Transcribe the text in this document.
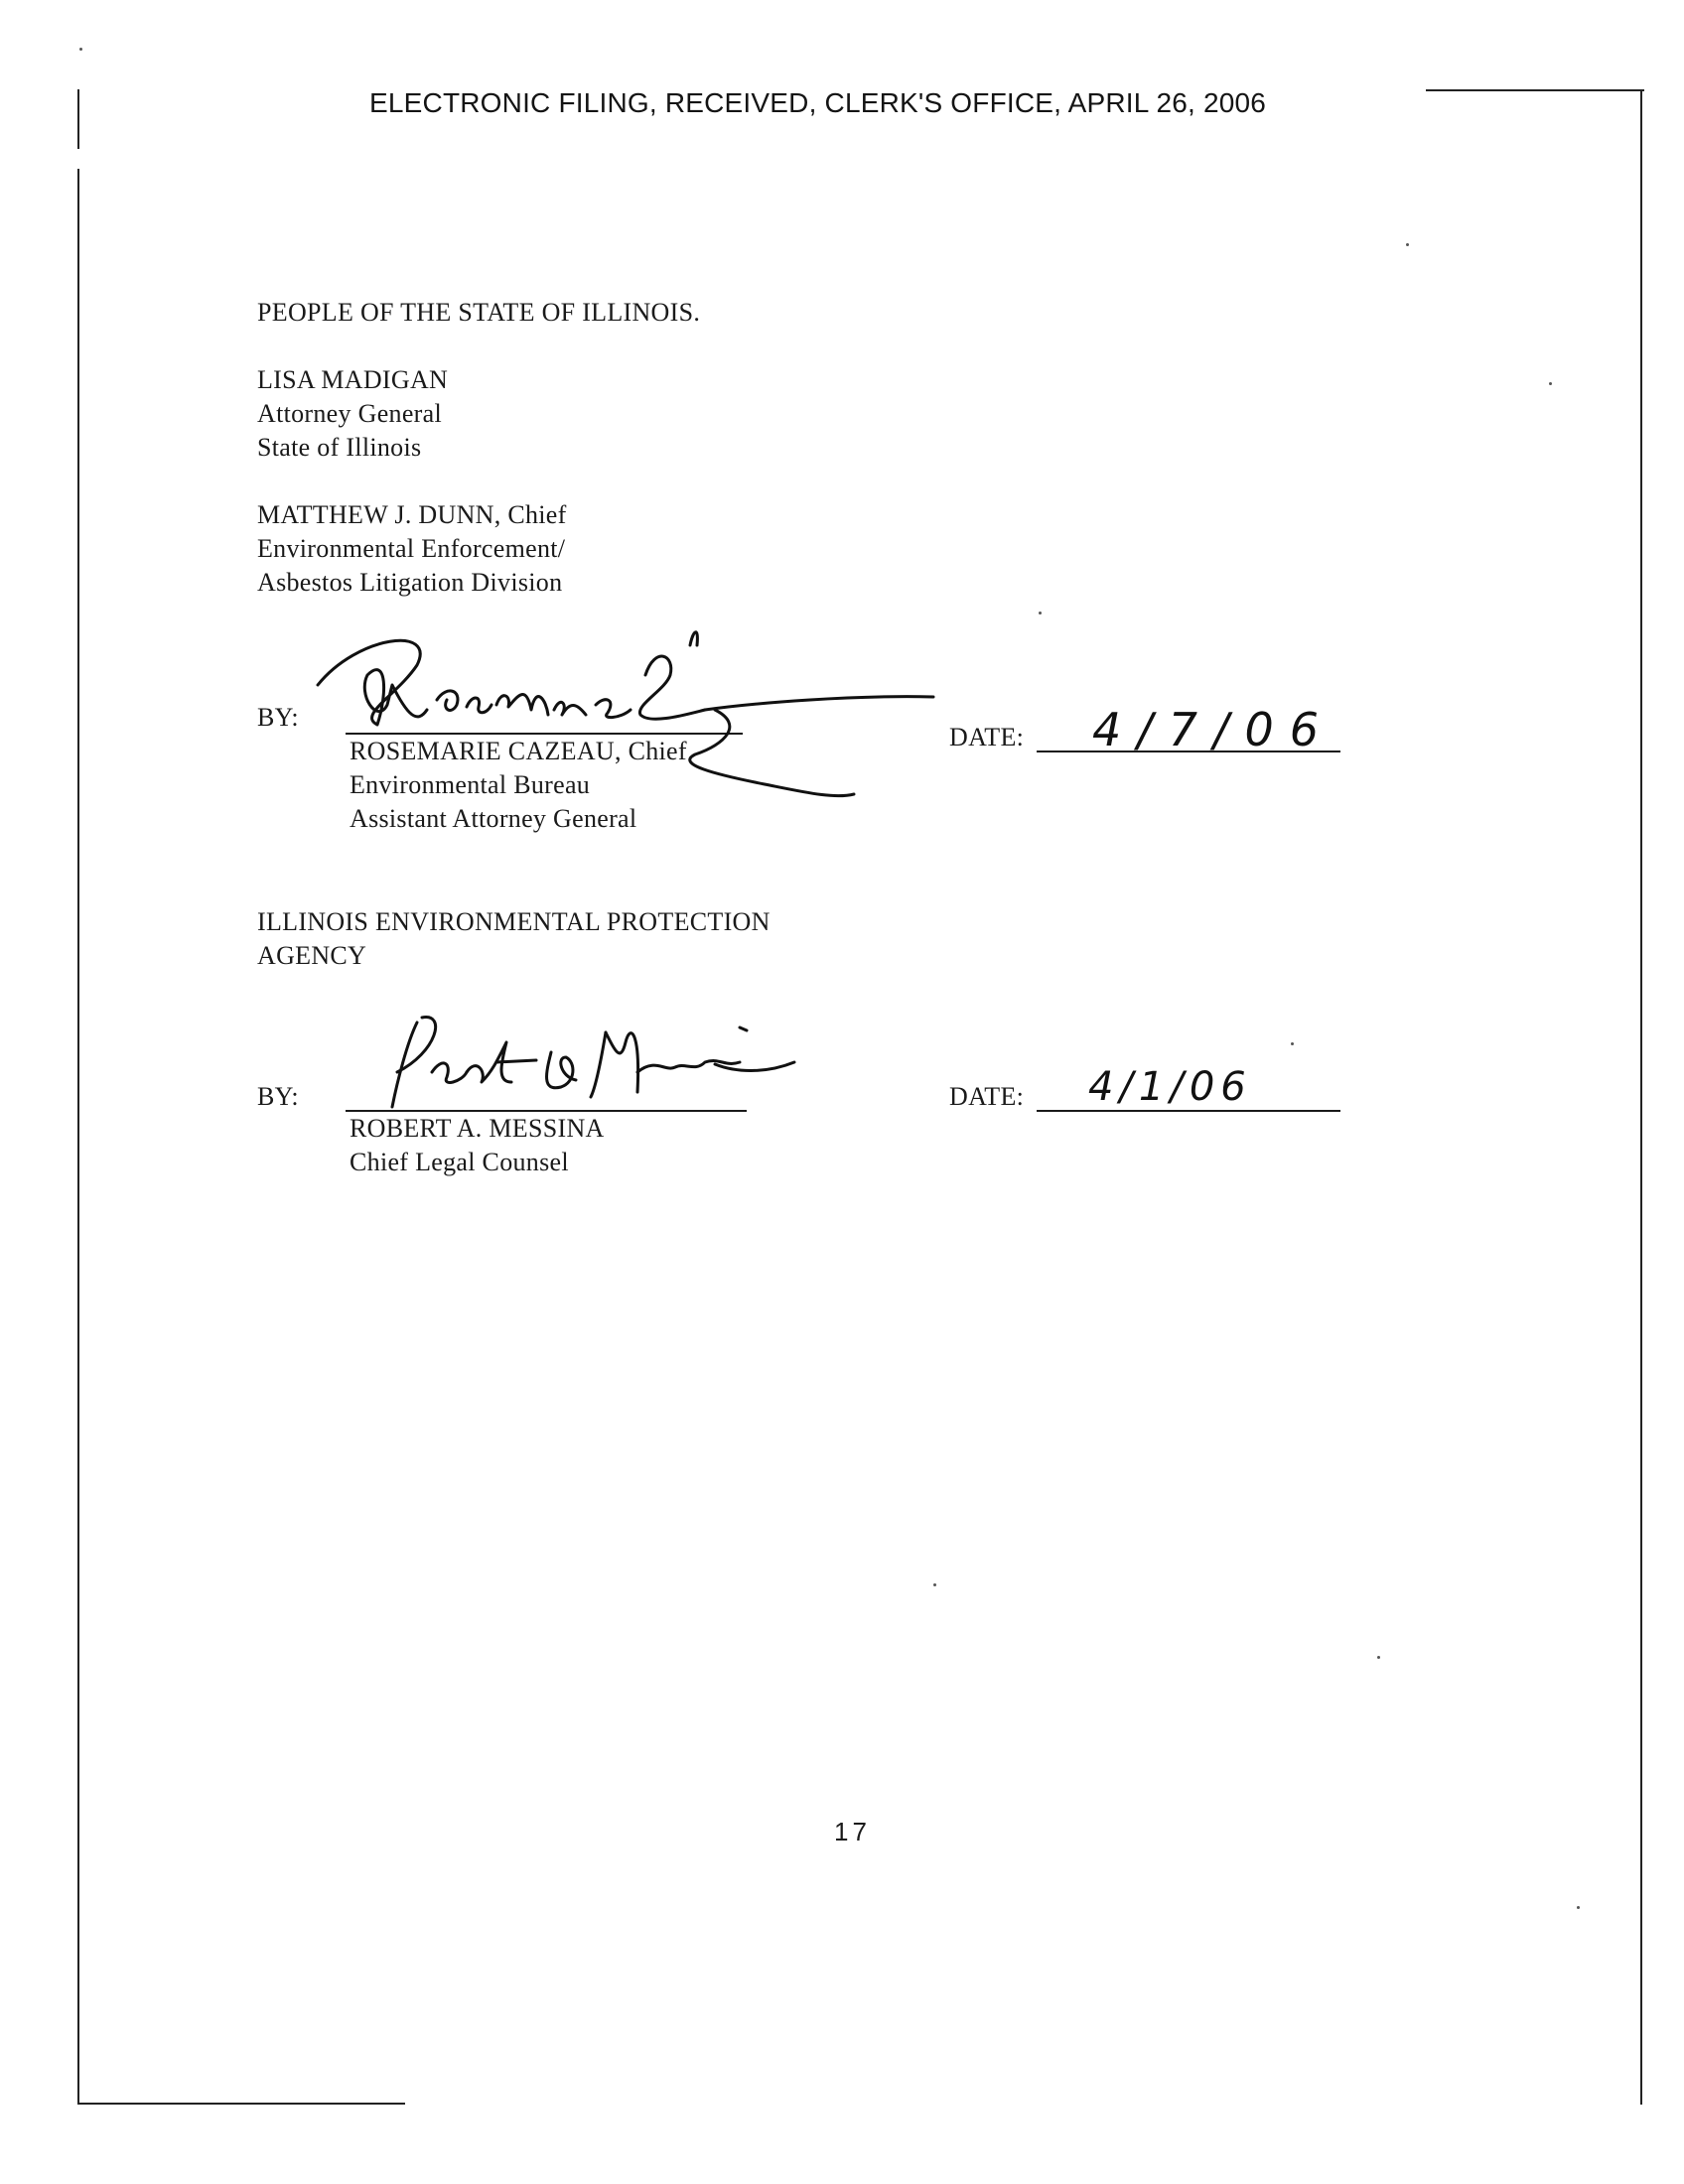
ELECTRONIC FILING, RECEIVED, CLERK'S OFFICE, APRIL 26, 2006
PEOPLE OF THE STATE OF ILLINOIS.
LISA MADIGAN
Attorney General
State of Illinois
MATTHEW J. DUNN, Chief
Environmental Enforcement/
Asbestos Litigation Division
BY:
ROSEMARIE CAZEAU, Chief
Environmental Bureau
Assistant Attorney General
DATE: 4/7/06
ILLINOIS ENVIRONMENTAL PROTECTION
AGENCY
BY:
ROBERT A. MESSINA
Chief Legal Counsel
DATE: 4/1/06
17
